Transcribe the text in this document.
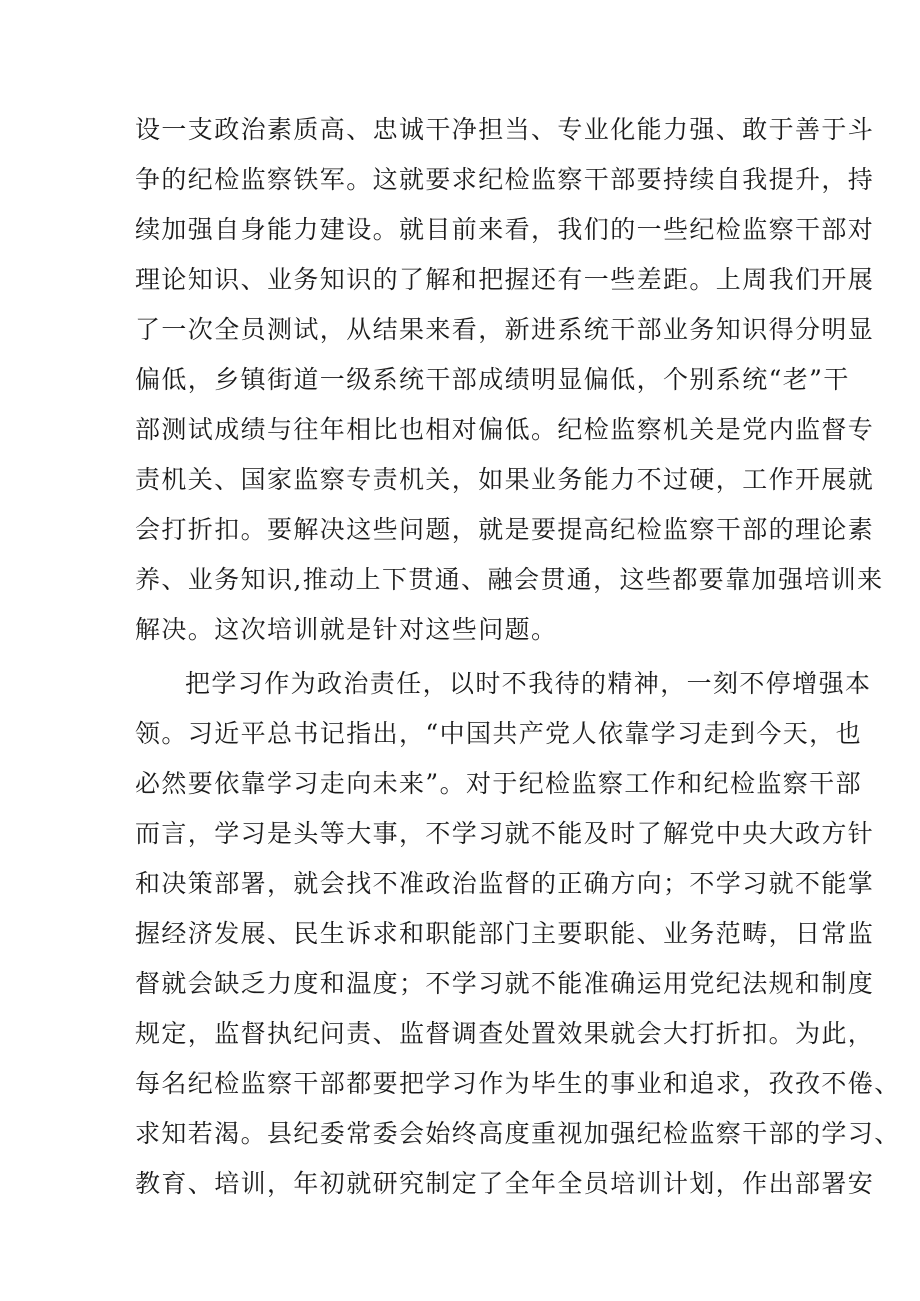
设一支政治素质高、忠诚干净担当、专业化能力强、敢于善于斗
争的纪检监察铁军。这就要求纪检监察干部要持续自我提升，持
续加强自身能力建设。就目前来看，我们的一些纪检监察干部对
理论知识、业务知识的了解和把握还有一些差距。上周我们开展
了一次全员测试，从结果来看，新进系统干部业务知识得分明显
偏低，乡镇街道一级系统干部成绩明显偏低，个别系统“老”干
部测试成绩与往年相比也相对偏低。纪检监察机关是党内监督专
责机关、国家监察专责机关，如果业务能力不过硬，工作开展就
会打折扣。要解决这些问题，就是要提高纪检监察干部的理论素
养、业务知识,推动上下贯通、融会贯通，这些都要靠加强培训来
解决。这次培训就是针对这些问题。
把学习作为政治责任，以时不我待的精神，一刻不停增强本
领。习近平总书记指出，“中国共产党人依靠学习走到今天，也
必然要依靠学习走向未来”。对于纪检监察工作和纪检监察干部
而言，学习是头等大事，不学习就不能及时了解党中央大政方针
和决策部署，就会找不准政治监督的正确方向；不学习就不能掌
握经济发展、民生诉求和职能部门主要职能、业务范畴，日常监
督就会缺乏力度和温度；不学习就不能准确运用党纪法规和制度
规定，监督执纪问责、监督调查处置效果就会大打折扣。为此，
每名纪检监察干部都要把学习作为毕生的事业和追求，孜孜不倦、
求知若渴。县纪委常委会始终高度重视加强纪检监察干部的学习、
教育、培训，年初就研究制定了全年全员培训计划，作出部署安
